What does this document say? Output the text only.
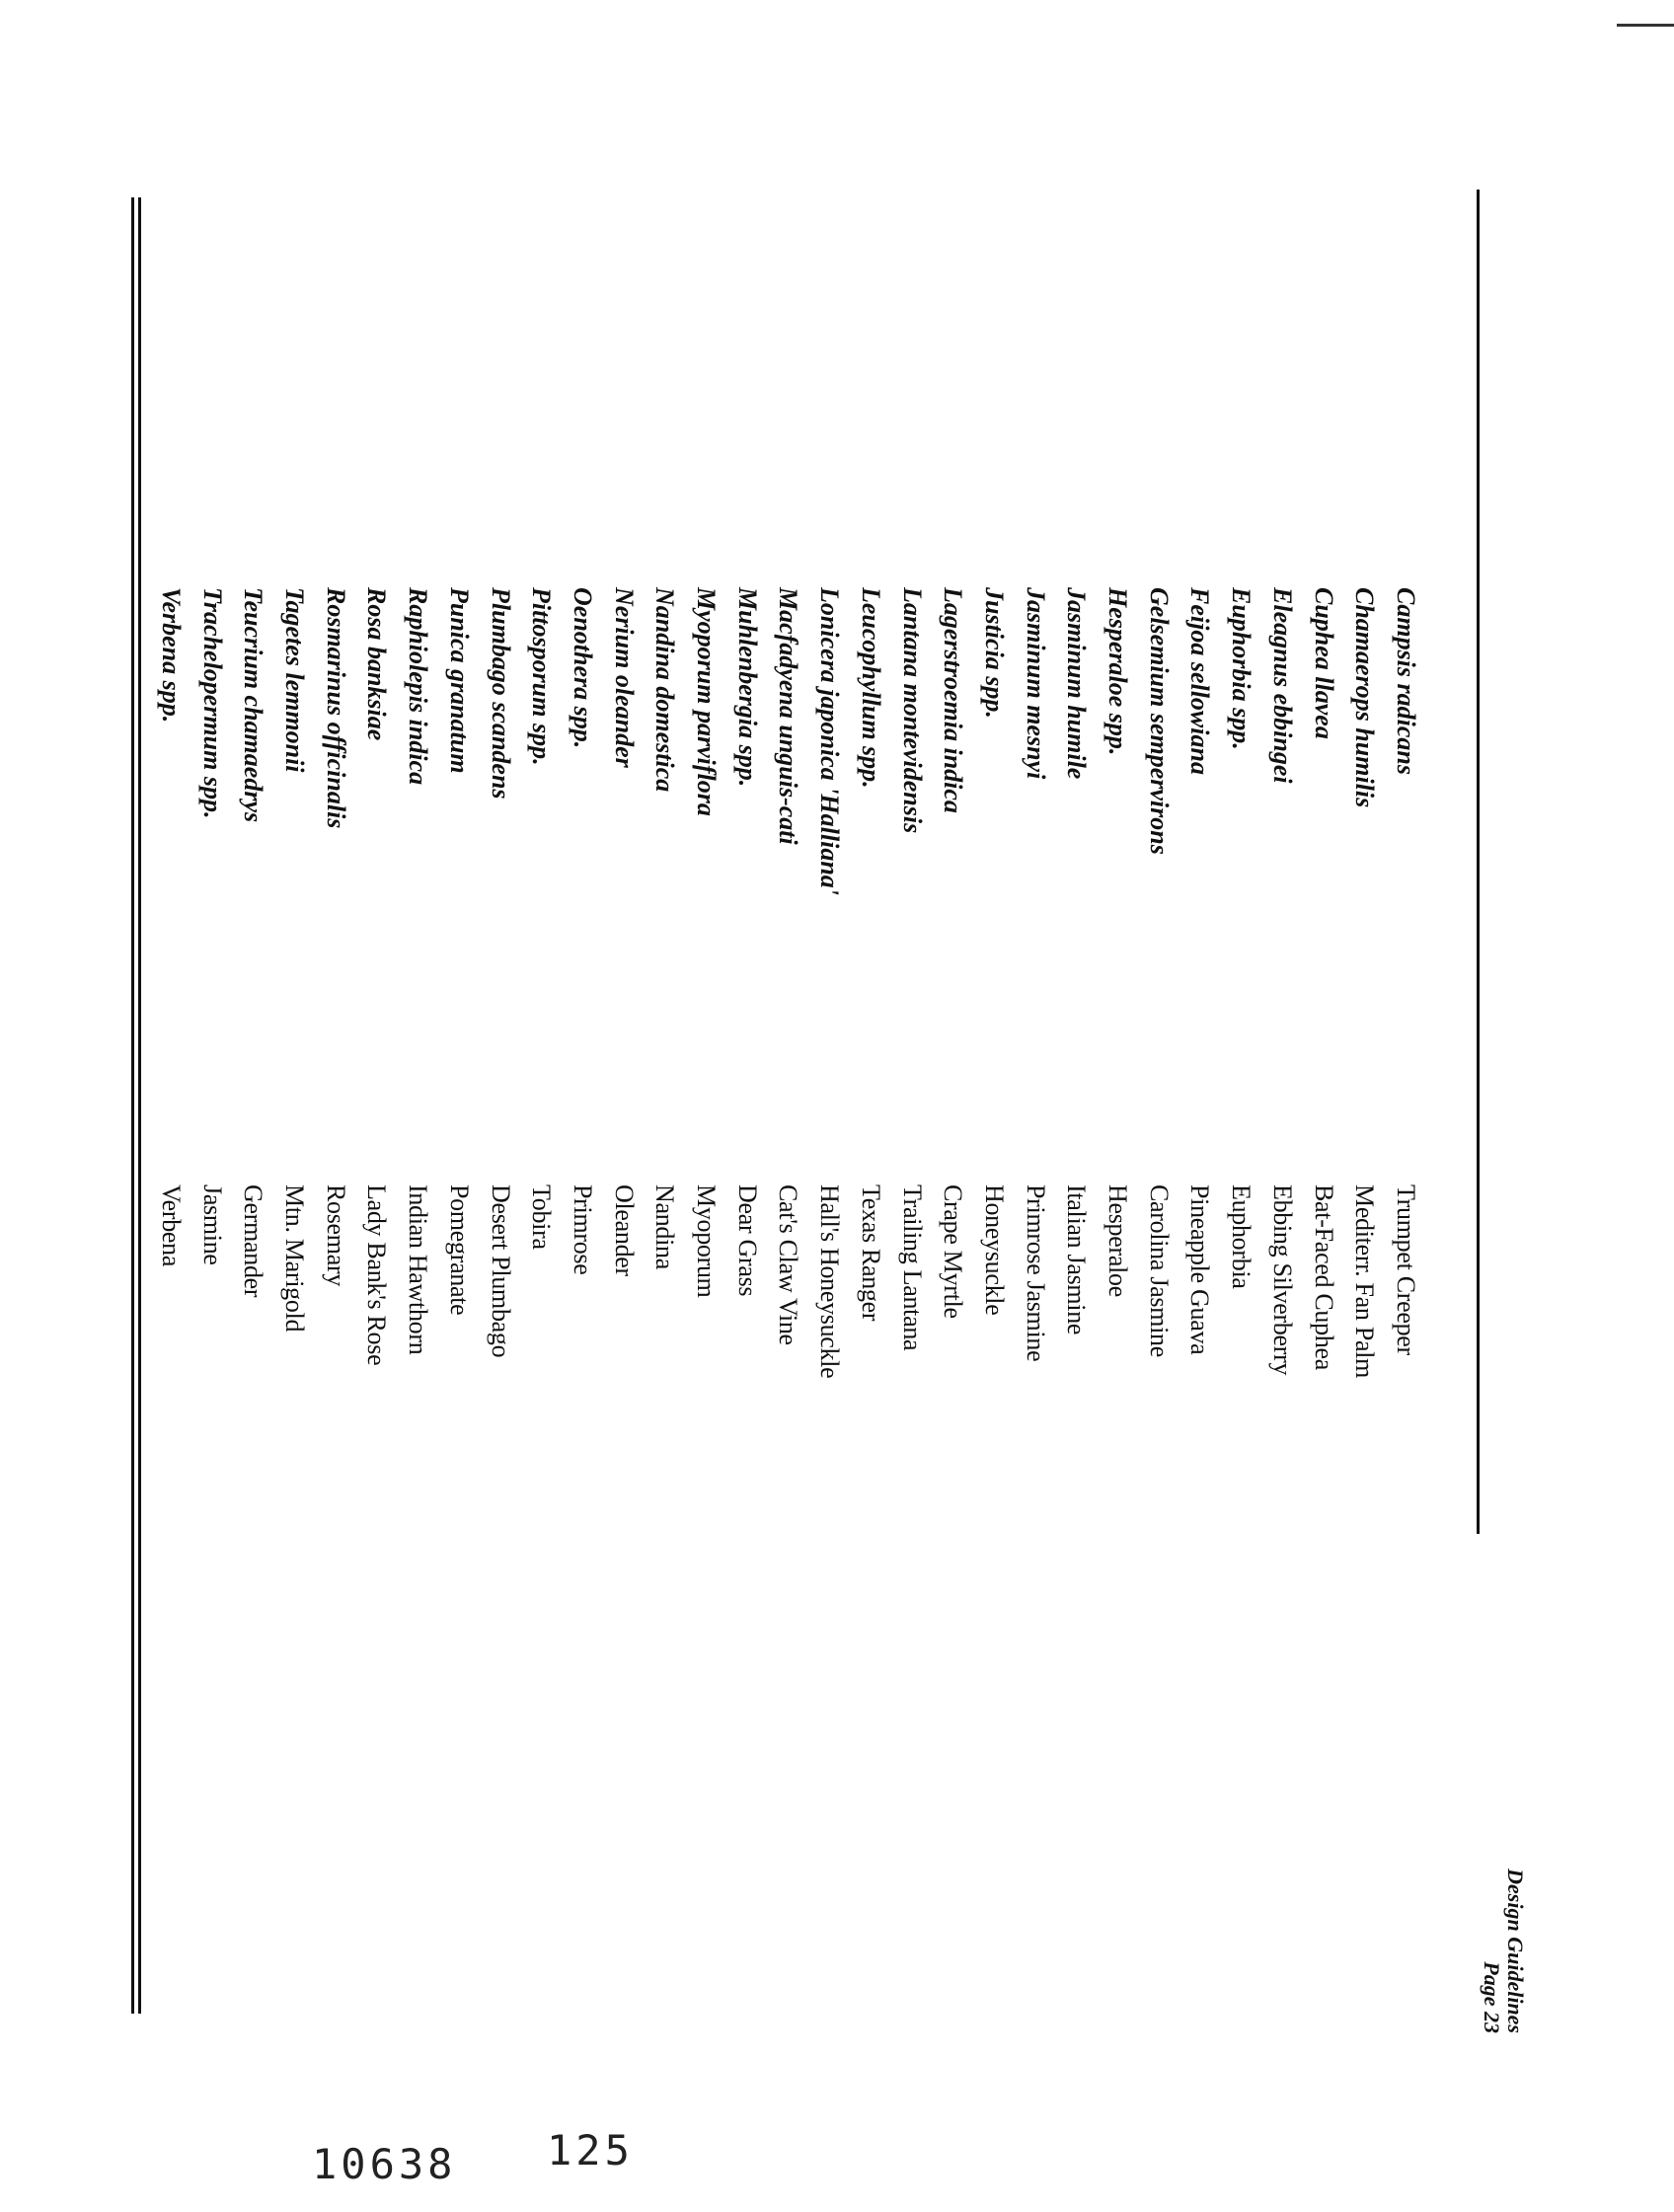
Design Guidelines
Page 23
Campsis radicans
Chamaerops humilis
Cuphea llavea
Eleagnus ebbingei
Euphorbia spp.
Feijoa sellowiana
Gelsemium sempervirons
Hesperaloe spp.
Jasminum humile
Jasminum mesnyi
Justicia spp.
Lagerstroemia indica
Lantana montevidensis
Leucophyllum spp.
Lonicera japonica 'Halliana'
Macfadyena unguis-cati
Muhlenbergia spp.
Myoporum parviflora
Nandina domestica
Nerium oleander
Oenothera spp.
Pittosporum spp.
Plumbago scandens
Punica granatum
Raphiolepis indica
Rosa banksiae
Rosmarinus officinalis
Tagetes lemmonii
Teucrium chamaedrys
Trachelopermum spp.
Verbena spp.
Trumpet Creeper
Mediterr. Fan Palm
Bat-Faced Cuphea
Ebbing Silverberry
Euphorbia
Pineapple Guava
Carolina Jasmine
Hesperaloe
Italian Jasmine
Primrose Jasmine
Honeysuckle
Crape Myrtle
Trailing Lantana
Texas Ranger
Hall's Honeysuckle
Cat's Claw Vine
Dear Grass
Myoporum
Nandina
Oleander
Primrose
Tobira
Desert Plumbago
Pomegranate
Indian Hawthorn
Lady Bank's Rose
Rosemary
Mtn. Marigold
Germander
Jasmine
Verbena
10638 125
